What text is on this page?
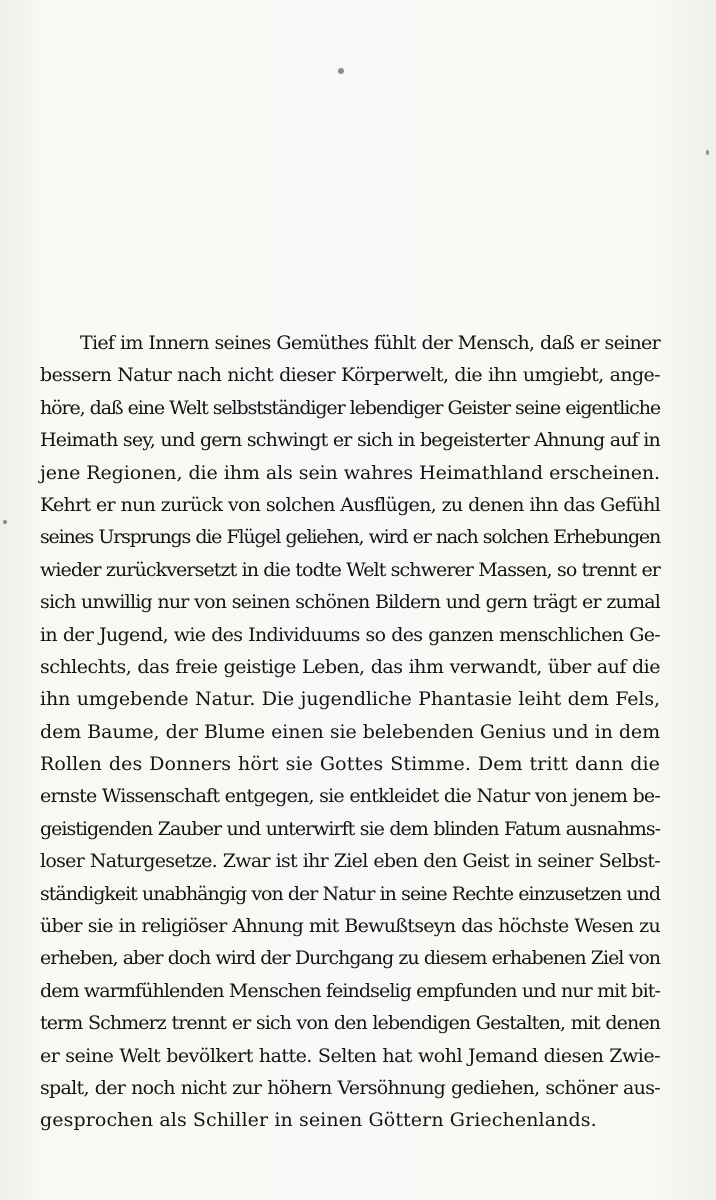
Tief im Innern seines Gemüthes fühlt der Mensch, daß er seiner
bessern Natur nach nicht dieser Körperwelt, die ihn umgiebt, ange-
höre, daß eine Welt selbstständiger lebendiger Geister seine eigentliche
Heimath sey, und gern schwingt er sich in begeisterter Ahnung auf in
jene Regionen, die ihm als sein wahres Heimathland erscheinen.
Kehrt er nun zurück von solchen Ausflügen, zu denen ihn das Gefühl
seines Ursprungs die Flügel geliehen, wird er nach solchen Erhebungen
wieder zurückversetzt in die todte Welt schwerer Massen, so trennt er
sich unwillig nur von seinen schönen Bildern und gern trägt er zumal
in der Jugend, wie des Individuums so des ganzen menschlichen Ge-
schlechts, das freie geistige Leben, das ihm verwandt, über auf die
ihn umgebende Natur. Die jugendliche Phantasie leiht dem Fels,
dem Baume, der Blume einen sie belebenden Genius und in dem
Rollen des Donners hört sie Gottes Stimme. Dem tritt dann die
ernste Wissenschaft entgegen, sie entkleidet die Natur von jenem be-
geistigenden Zauber und unterwirft sie dem blinden Fatum ausnahms-
loser Naturgesetze. Zwar ist ihr Ziel eben den Geist in seiner Selbst-
ständigkeit unabhängig von der Natur in seine Rechte einzusetzen und
über sie in religiöser Ahnung mit Bewußtseyn das höchste Wesen zu
erheben, aber doch wird der Durchgang zu diesem erhabenen Ziel von
dem warmfühlenden Menschen feindselig empfunden und nur mit bit-
term Schmerz trennt er sich von den lebendigen Gestalten, mit denen
er seine Welt bevölkert hatte. Selten hat wohl Jemand diesen Zwie-
spalt, der noch nicht zur höhern Versöhnung gediehen, schöner aus-
gesprochen als Schiller in seinen Göttern Griechenlands.
